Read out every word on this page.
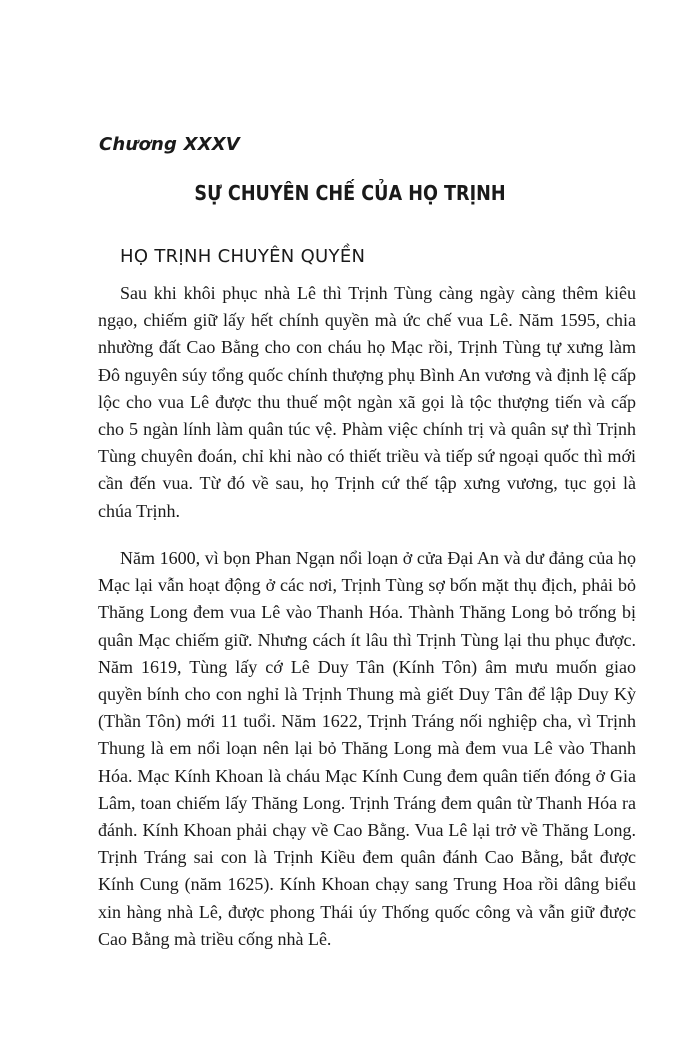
Chương XXXV
SỰ CHUYÊN CHẾ CỦA HỌ TRỊNH
HỌ TRỊNH CHUYÊN QUYỀN

Sau khi khôi phục nhà Lê thì Trịnh Tùng càng ngày càng thêm kiêu ngạo, chiếm giữ lấy hết chính quyền mà ức chế vua Lê. Năm 1595, chia nhường đất Cao Bằng cho con cháu họ Mạc rồi, Trịnh Tùng tự xưng làm Đô nguyên súy tổng quốc chính thượng phụ Bình An vương và định lệ cấp lộc cho vua Lê được thu thuế một ngàn xã gọi là tộc thượng tiến và cấp cho 5 ngàn lính làm quân túc vệ. Phàm việc chính trị và quân sự thì Trịnh Tùng chuyên đoán, chỉ khi nào có thiết triều và tiếp sứ ngoại quốc thì mới cần đến vua. Từ đó về sau, họ Trịnh cứ thế tập xưng vương, tục gọi là chúa Trịnh.

Năm 1600, vì bọn Phan Ngạn nổi loạn ở cửa Đại An và dư đảng của họ Mạc lại vẫn hoạt động ở các nơi, Trịnh Tùng sợ bốn mặt thụ địch, phải bỏ Thăng Long đem vua Lê vào Thanh Hóa. Thành Thăng Long bỏ trống bị quân Mạc chiếm giữ. Nhưng cách ít lâu thì Trịnh Tùng lại thu phục được. Năm 1619, Tùng lấy cớ Lê Duy Tân (Kính Tôn) âm mưu muốn giao quyền bính cho con nghỉ là Trịnh Thung mà giết Duy Tân để lập Duy Kỳ (Thần Tôn) mới 11 tuổi. Năm 1622, Trịnh Tráng nối nghiệp cha, vì Trịnh Thung là em nổi loạn nên lại bỏ Thăng Long mà đem vua Lê vào Thanh Hóa. Mạc Kính Khoan là cháu Mạc Kính Cung đem quân tiến đóng ở Gia Lâm, toan chiếm lấy Thăng Long. Trịnh Tráng đem quân từ Thanh Hóa ra đánh. Kính Khoan phải chạy về Cao Bằng. Vua Lê lại trở về Thăng Long. Trịnh Tráng sai con là Trịnh Kiều đem quân đánh Cao Bằng, bắt được Kính Cung (năm 1625). Kính Khoan chạy sang Trung Hoa rồi dâng biểu xin hàng nhà Lê, được phong Thái úy Thống quốc công và vẫn giữ được Cao Bằng mà triều cống nhà Lê.
